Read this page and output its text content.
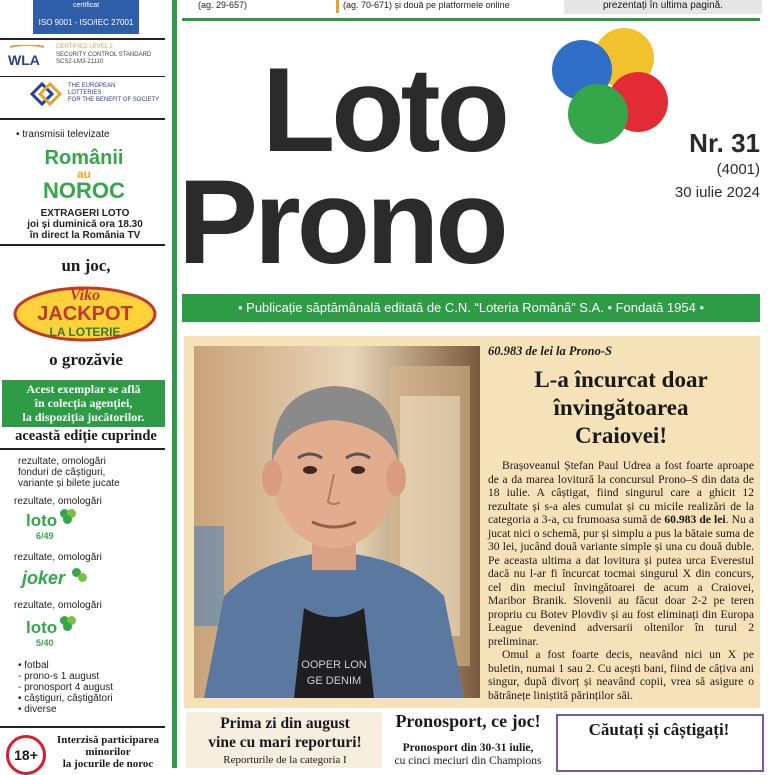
certificat
ISO 9001 - ISO/IEC 27001
WLA
CERTIFIED LEVEL 2
SECURITY CONTROL STANDARD
SCS2-LM3-21110
THE EUROPEAN
LOTTERIES
FOR THE BENEFIT OF SOCIETY
• transmisii televizate
Românii
au
NOROC
EXTRAGERI LOTO
joi și duminică ora 18.30
în direct la România TV
un joc,
Viko
JACKPOT
LA LOTERIE
o grozăvie
Acest exemplar se află
în colecția agenției,
la dispoziția jucătorilor.
această ediție cuprinde
rezultate, omologări
fonduri de câștiguri,
variante și bilete jucate
rezultate, omologări
loto
6/49
rezultate, omologări
joker
rezultate, omologări
loto
5/40
• fotbal
- prono-s 1 august
- pronosport 4 august
• câștiguri, câștigători
• diverse
18+
Interzisă participarea
minorilor
la jocurile de noroc
(ag. 29-657)	(ag. 70-671) și două pe platformele online	prezentați în ultima pagină.
Loto
Prono
Nr. 31
(4001)
30 iulie 2024
• Publicație săptămânală editată de C.N. “Loteria Română” S.A. • Fondată 1954 •
OOPER LON
GE DENIM
60.983 de lei la Prono-S
L-a încurcat doar
învingătoarea
Craiovei!

Brașoveanul Ștefan Paul Udrea a fost foarte aproape de a da marea lovitură la concursul Prono–S din data de 18 iulie. A câștigat, fiind singurul care a ghicit 12 rezultate și s-a ales cumulat și cu micile realizări de la categoria a 3-a, cu frumoasa sumă de 60.983 de lei. Nu a jucat nici o schemă, pur și simplu a pus la bătaie suma de 30 lei, jucând două variante simple și una cu două duble. Pe aceasta ultima a dat lovitura și putea urca Everestul dacă nu l-ar fi încurcat tocmai singurul X din concurs, cel din meciul învingătoarei de acum a Craiovei, Maribor Branik. Slovenii au făcut doar 2-2 pe teren propriu cu Botev Plovdiv și au fost eliminați din Europa League devenind adversarii oltenilor în turul 2 preliminar.

Omul a fost foarte decis, neavând nici un X pe buletin, numai 1 sau 2. Cu acești bani, fiind de câțiva ani singur, după divorț și neavând copii, vrea să asigure o bătrânețe liniștită părinților săi.

Prima zi din august
vine cu mari reporturi!
Reporturile de la categoria I
Pronosport, ce joc!
Pronosport din 30-31 iulie,
cu cinci meciuri din Champions
Căutați și câștigați!
